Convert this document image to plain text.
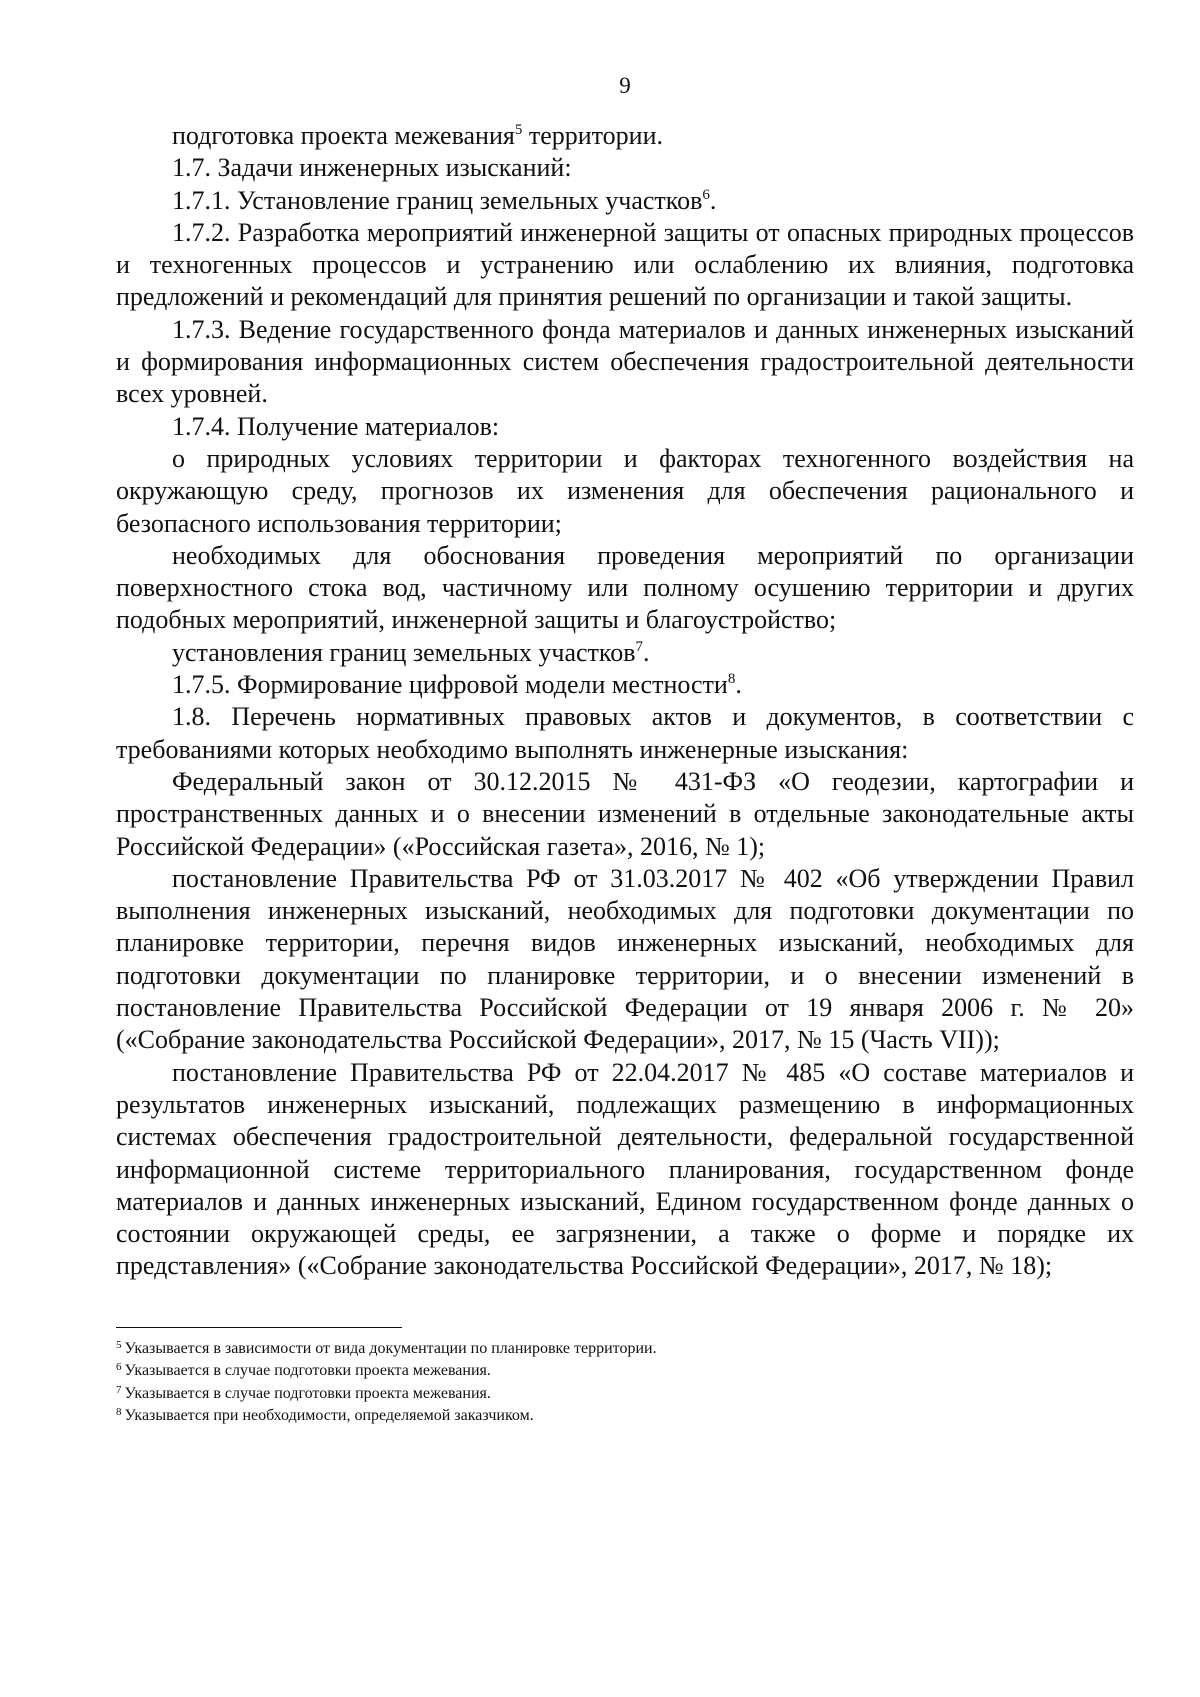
9

подготовка проекта межевания$^5$ территории.

1.7. Задачи инженерных изысканий:

1.7.1. Установление границ земельных участков$^6$.

1.7.2. Разработка мероприятий инженерной защиты от опасных природных процессов и техногенных процессов и устранению или ослаблению их влияния, подготовка предложений и рекомендаций для принятия решений по организации и такой защиты.

1.7.3. Ведение государственного фонда материалов и данных инженерных изысканий и формирования информационных систем обеспечения градостроительной деятельности всех уровней.

1.7.4. Получение материалов:

о природных условиях территории и факторах техногенного воздействия на окружающую среду, прогнозов их изменения для обеспечения рационального и безопасного использования территории;

необходимых для обоснования проведения мероприятий по организации поверхностного стока вод, частичному или полному осушению территории и других подобных мероприятий, инженерной защиты и благоустройство;

установления границ земельных участков$^7$.

1.7.5. Формирование цифровой модели местности$^8$.

1.8. Перечень нормативных правовых актов и документов, в соответствии с требованиями которых необходимо выполнять инженерные изыскания:

Федеральный закон от 30.12.2015 № 431-ФЗ «О геодезии, картографии и пространственных данных и о внесении изменений в отдельные законодательные акты Российской Федерации» («Российская газета», 2016, № 1);

постановление Правительства РФ от 31.03.2017 № 402 «Об утверждении Правил выполнения инженерных изысканий, необходимых для подготовки документации по планировке территории, перечня видов инженерных изысканий, необходимых для подготовки документации по планировке территории, и о внесении изменений в постановление Правительства Российской Федерации от 19 января 2006 г. № 20» («Собрание законодательства Российской Федерации», 2017, № 15 (Часть VII));

постановление Правительства РФ от 22.04.2017 № 485 «О составе материалов и результатов инженерных изысканий, подлежащих размещению в информационных системах обеспечения градостроительной деятельности, федеральной государственной информационной системе территориального планирования, государственном фонде материалов и данных инженерных изысканий, Едином государственном фонде данных о состоянии окружающей среды, ее загрязнении, а также о форме и порядке их представления» («Собрание законодательства Российской Федерации», 2017, № 18);

$^5$ Указывается в зависимости от вида документации по планировке территории.

$^6$ Указывается в случае подготовки проекта межевания.

$^7$ Указывается в случае подготовки проекта межевания.

$^8$ Указывается при необходимости, определяемой заказчиком.
